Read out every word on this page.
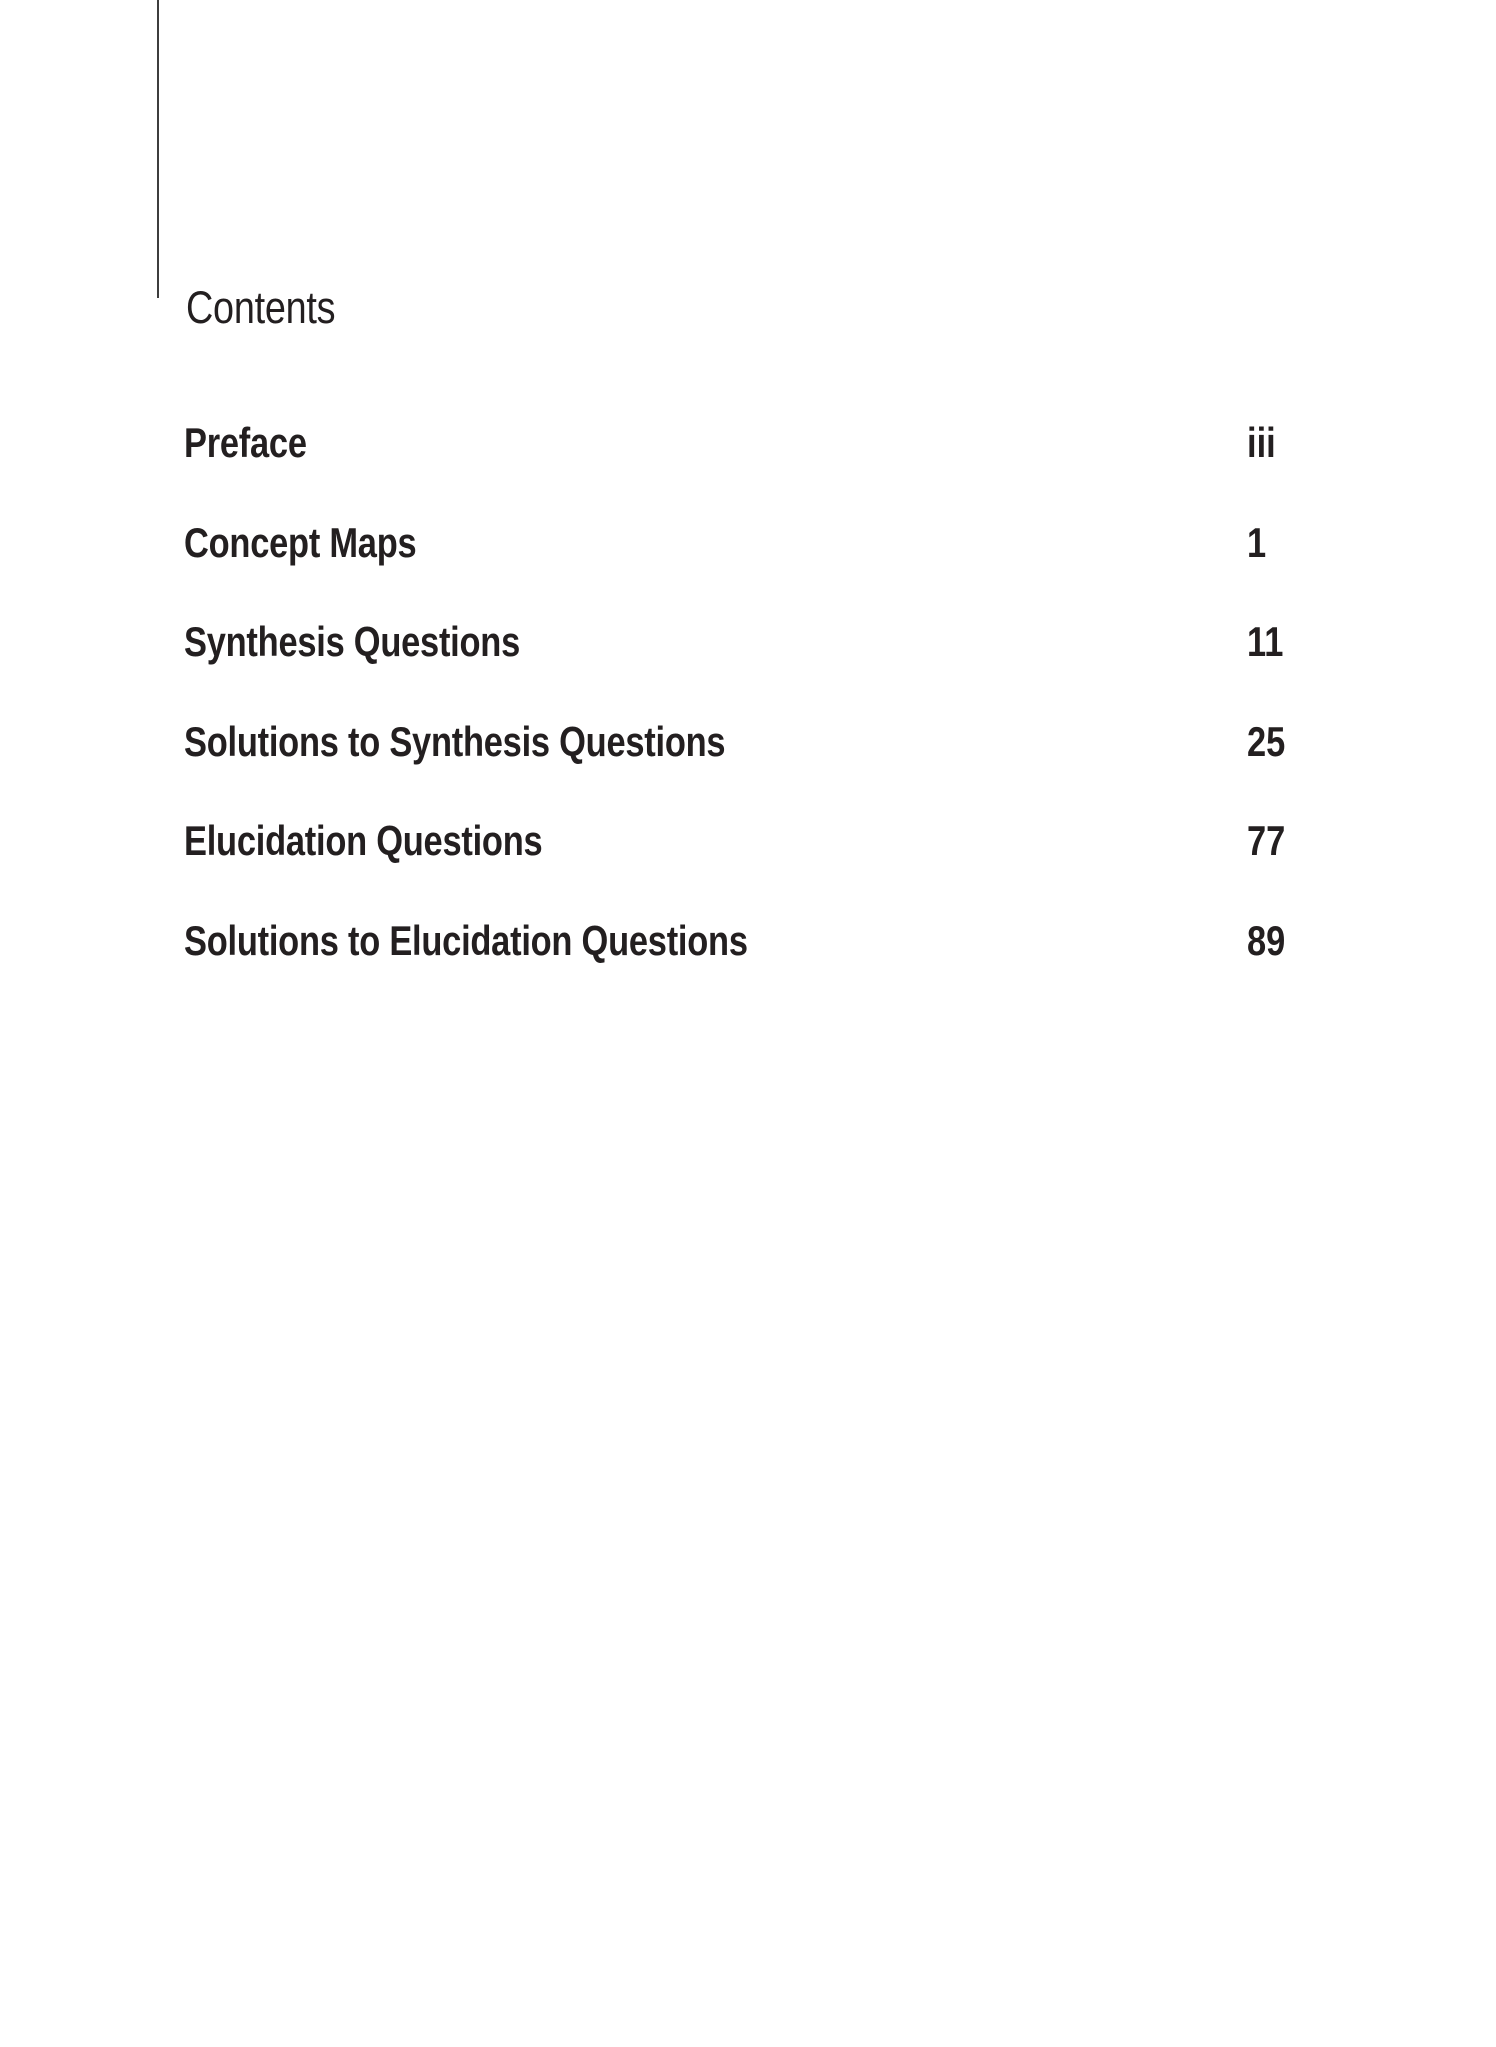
Contents
Preface	iii
Concept Maps	1
Synthesis Questions	11
Solutions to Synthesis Questions	25
Elucidation Questions	77
Solutions to Elucidation Questions	89
